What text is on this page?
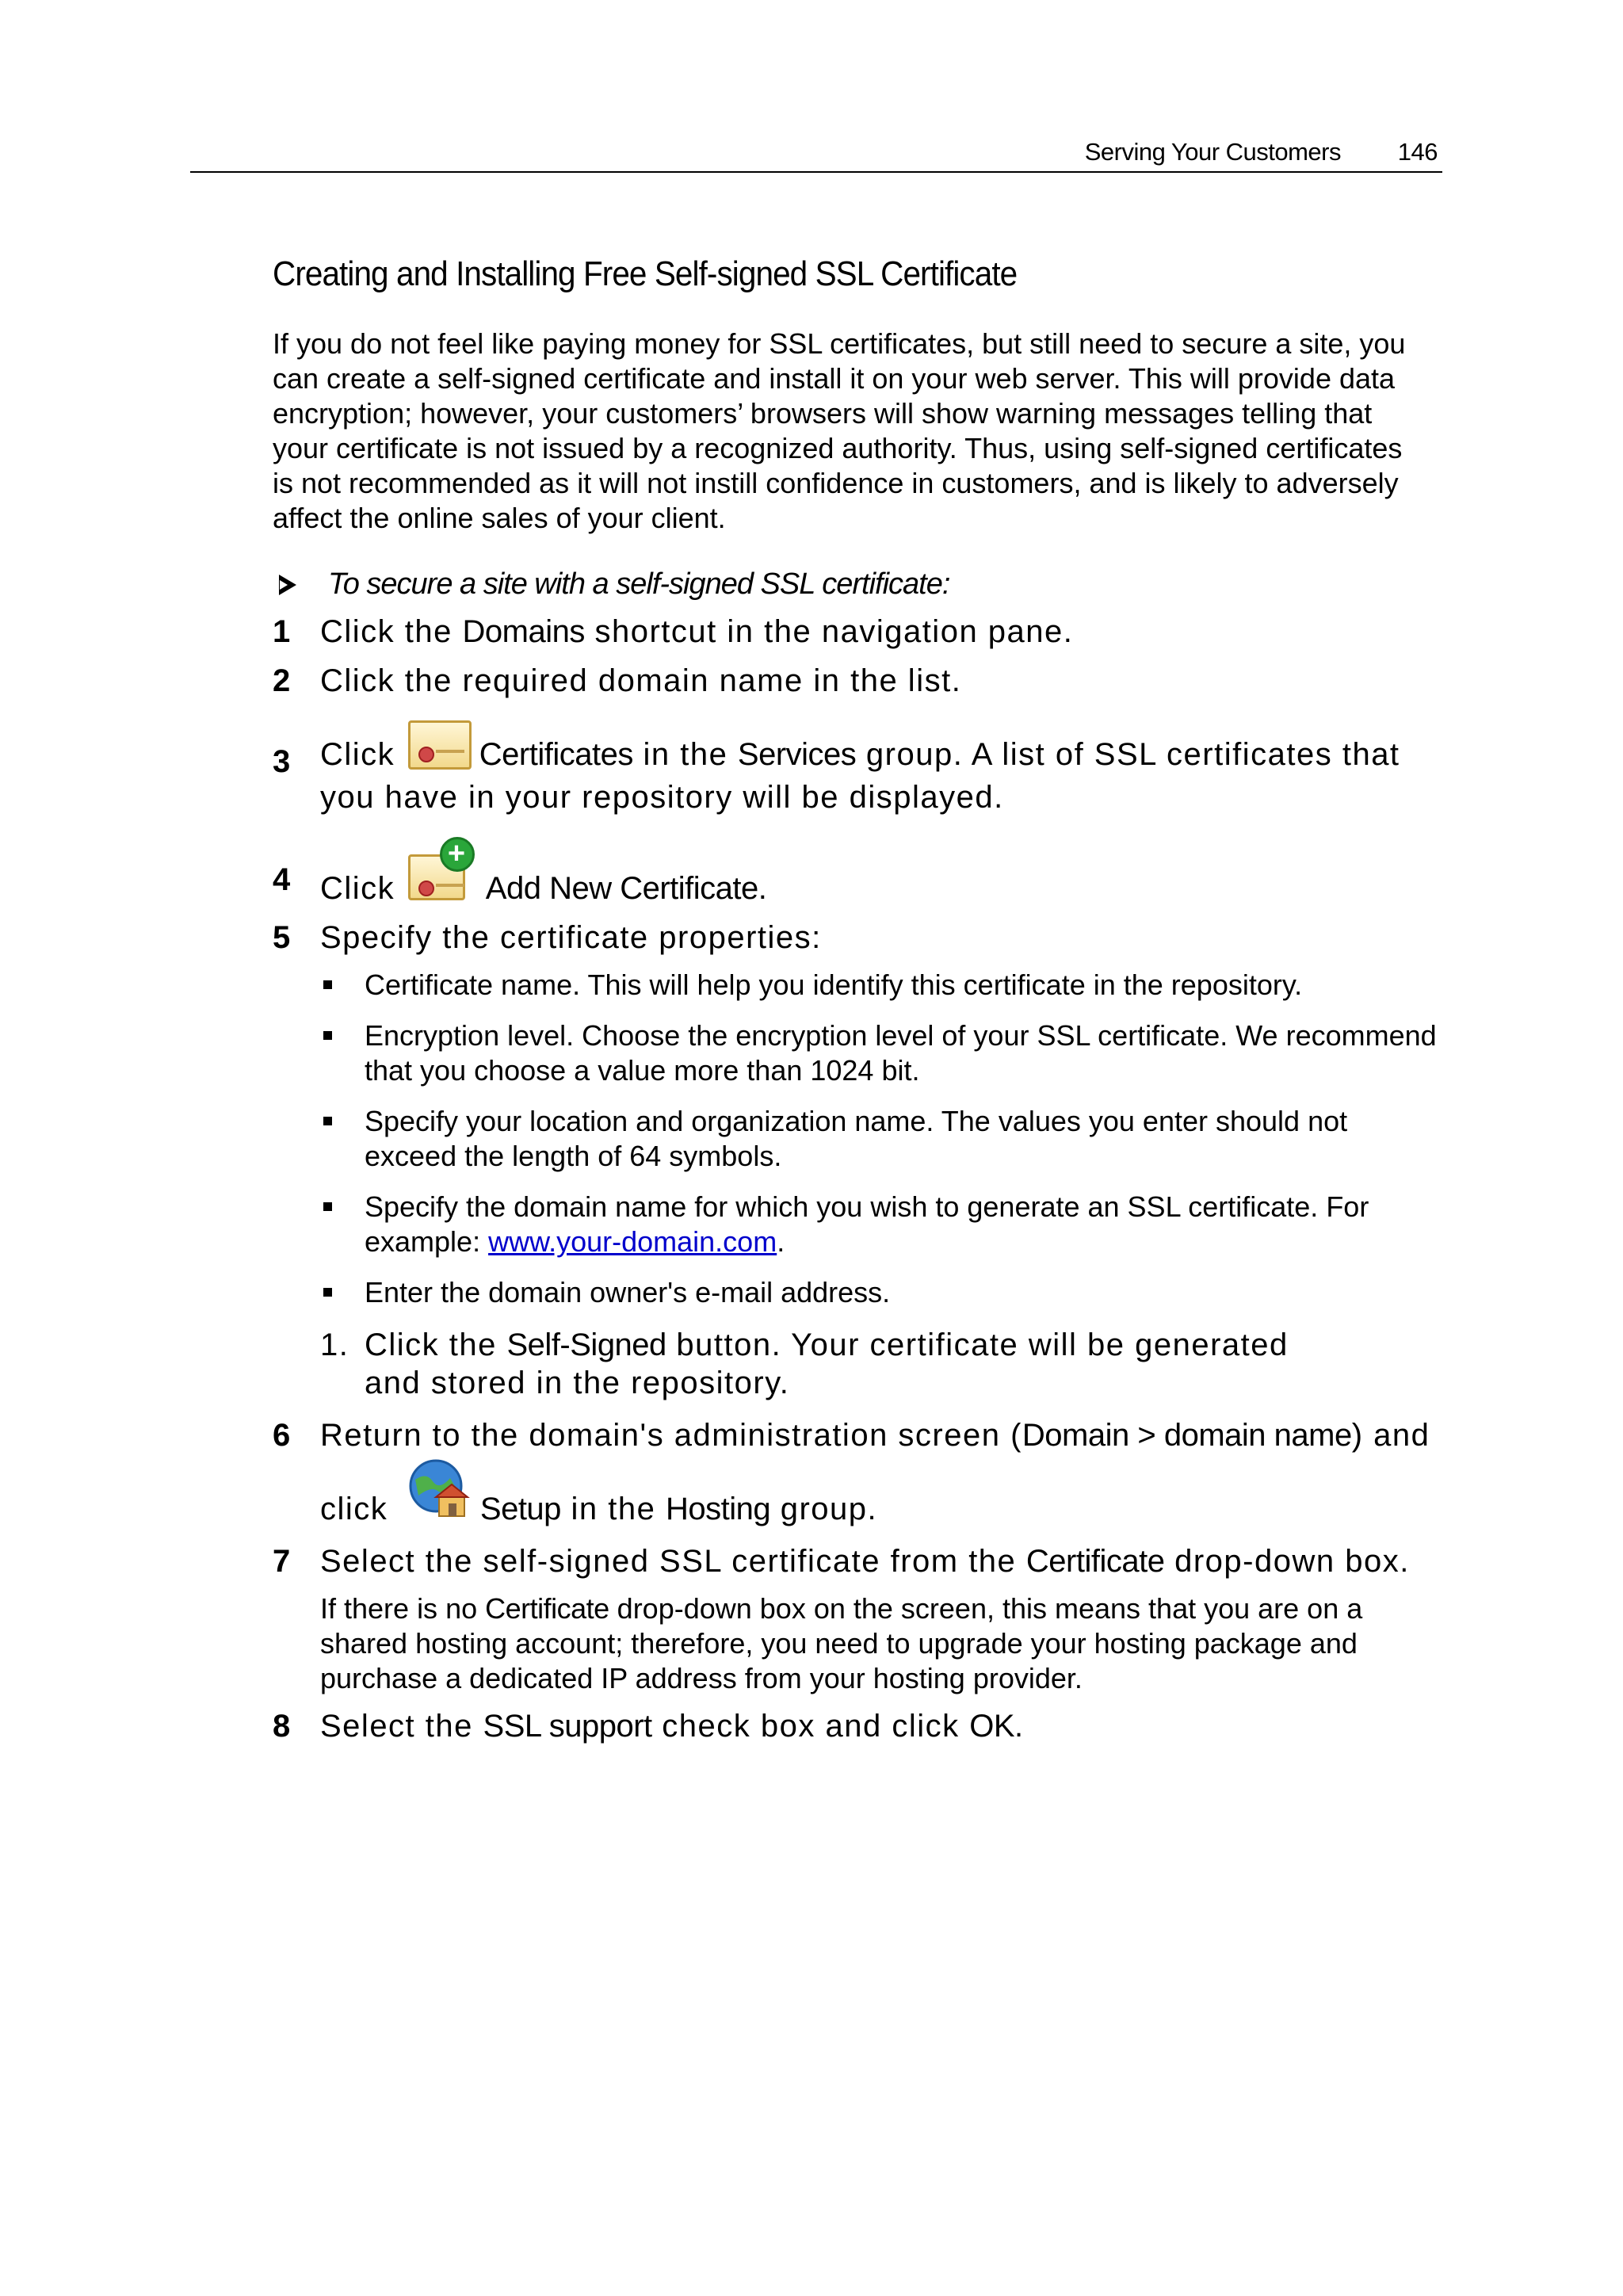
Serving Your Customers 146
Creating and Installing Free Self-signed SSL Certificate

If you do not feel like paying money for SSL certificates, but still need to secure a site, you can create a self-signed certificate and install it on your web server. This will provide data encryption; however, your customers’ browsers will show warning messages telling that your certificate is not issued by a recognized authority. Thus, using self-signed certificates is not recommended as it will not instill confidence in customers, and is likely to adversely affect the online sales of your client.

To secure a site with a self-signed SSL certificate:
1 Click the Domains shortcut in the navigation pane.
2 Click the required domain name in the list.
3 Click
Certificates in the Services group. A list of SSL certificates that you have in your repository will be displayed.
4 Click
+
Add New Certificate.
5 Specify the certificate properties:
Certificate name. This will help you identify this certificate in the repository.
Encryption level. Choose the encryption level of your SSL certificate. We recommend that you choose a value more than 1024 bit.
Specify your location and organization name. The values you enter should not exceed the length of 64 symbols.
Specify the domain name for which you wish to generate an SSL certificate. For example: www.your-domain.com.
Enter the domain owner's e-mail address.
1. Click the Self-Signed button. Your certificate will be generated and stored in the repository.
6 Return to the domain's administration screen (Domain > domain name) and click	Setup in the Hosting group.
7 Select the self-signed SSL certificate from the Certificate drop-down box.
If there is no Certificate drop-down box on the screen, this means that you are on a shared hosting account; therefore, you need to upgrade your hosting package and purchase a dedicated IP address from your hosting provider.
8 Select the SSL support check box and click OK.
